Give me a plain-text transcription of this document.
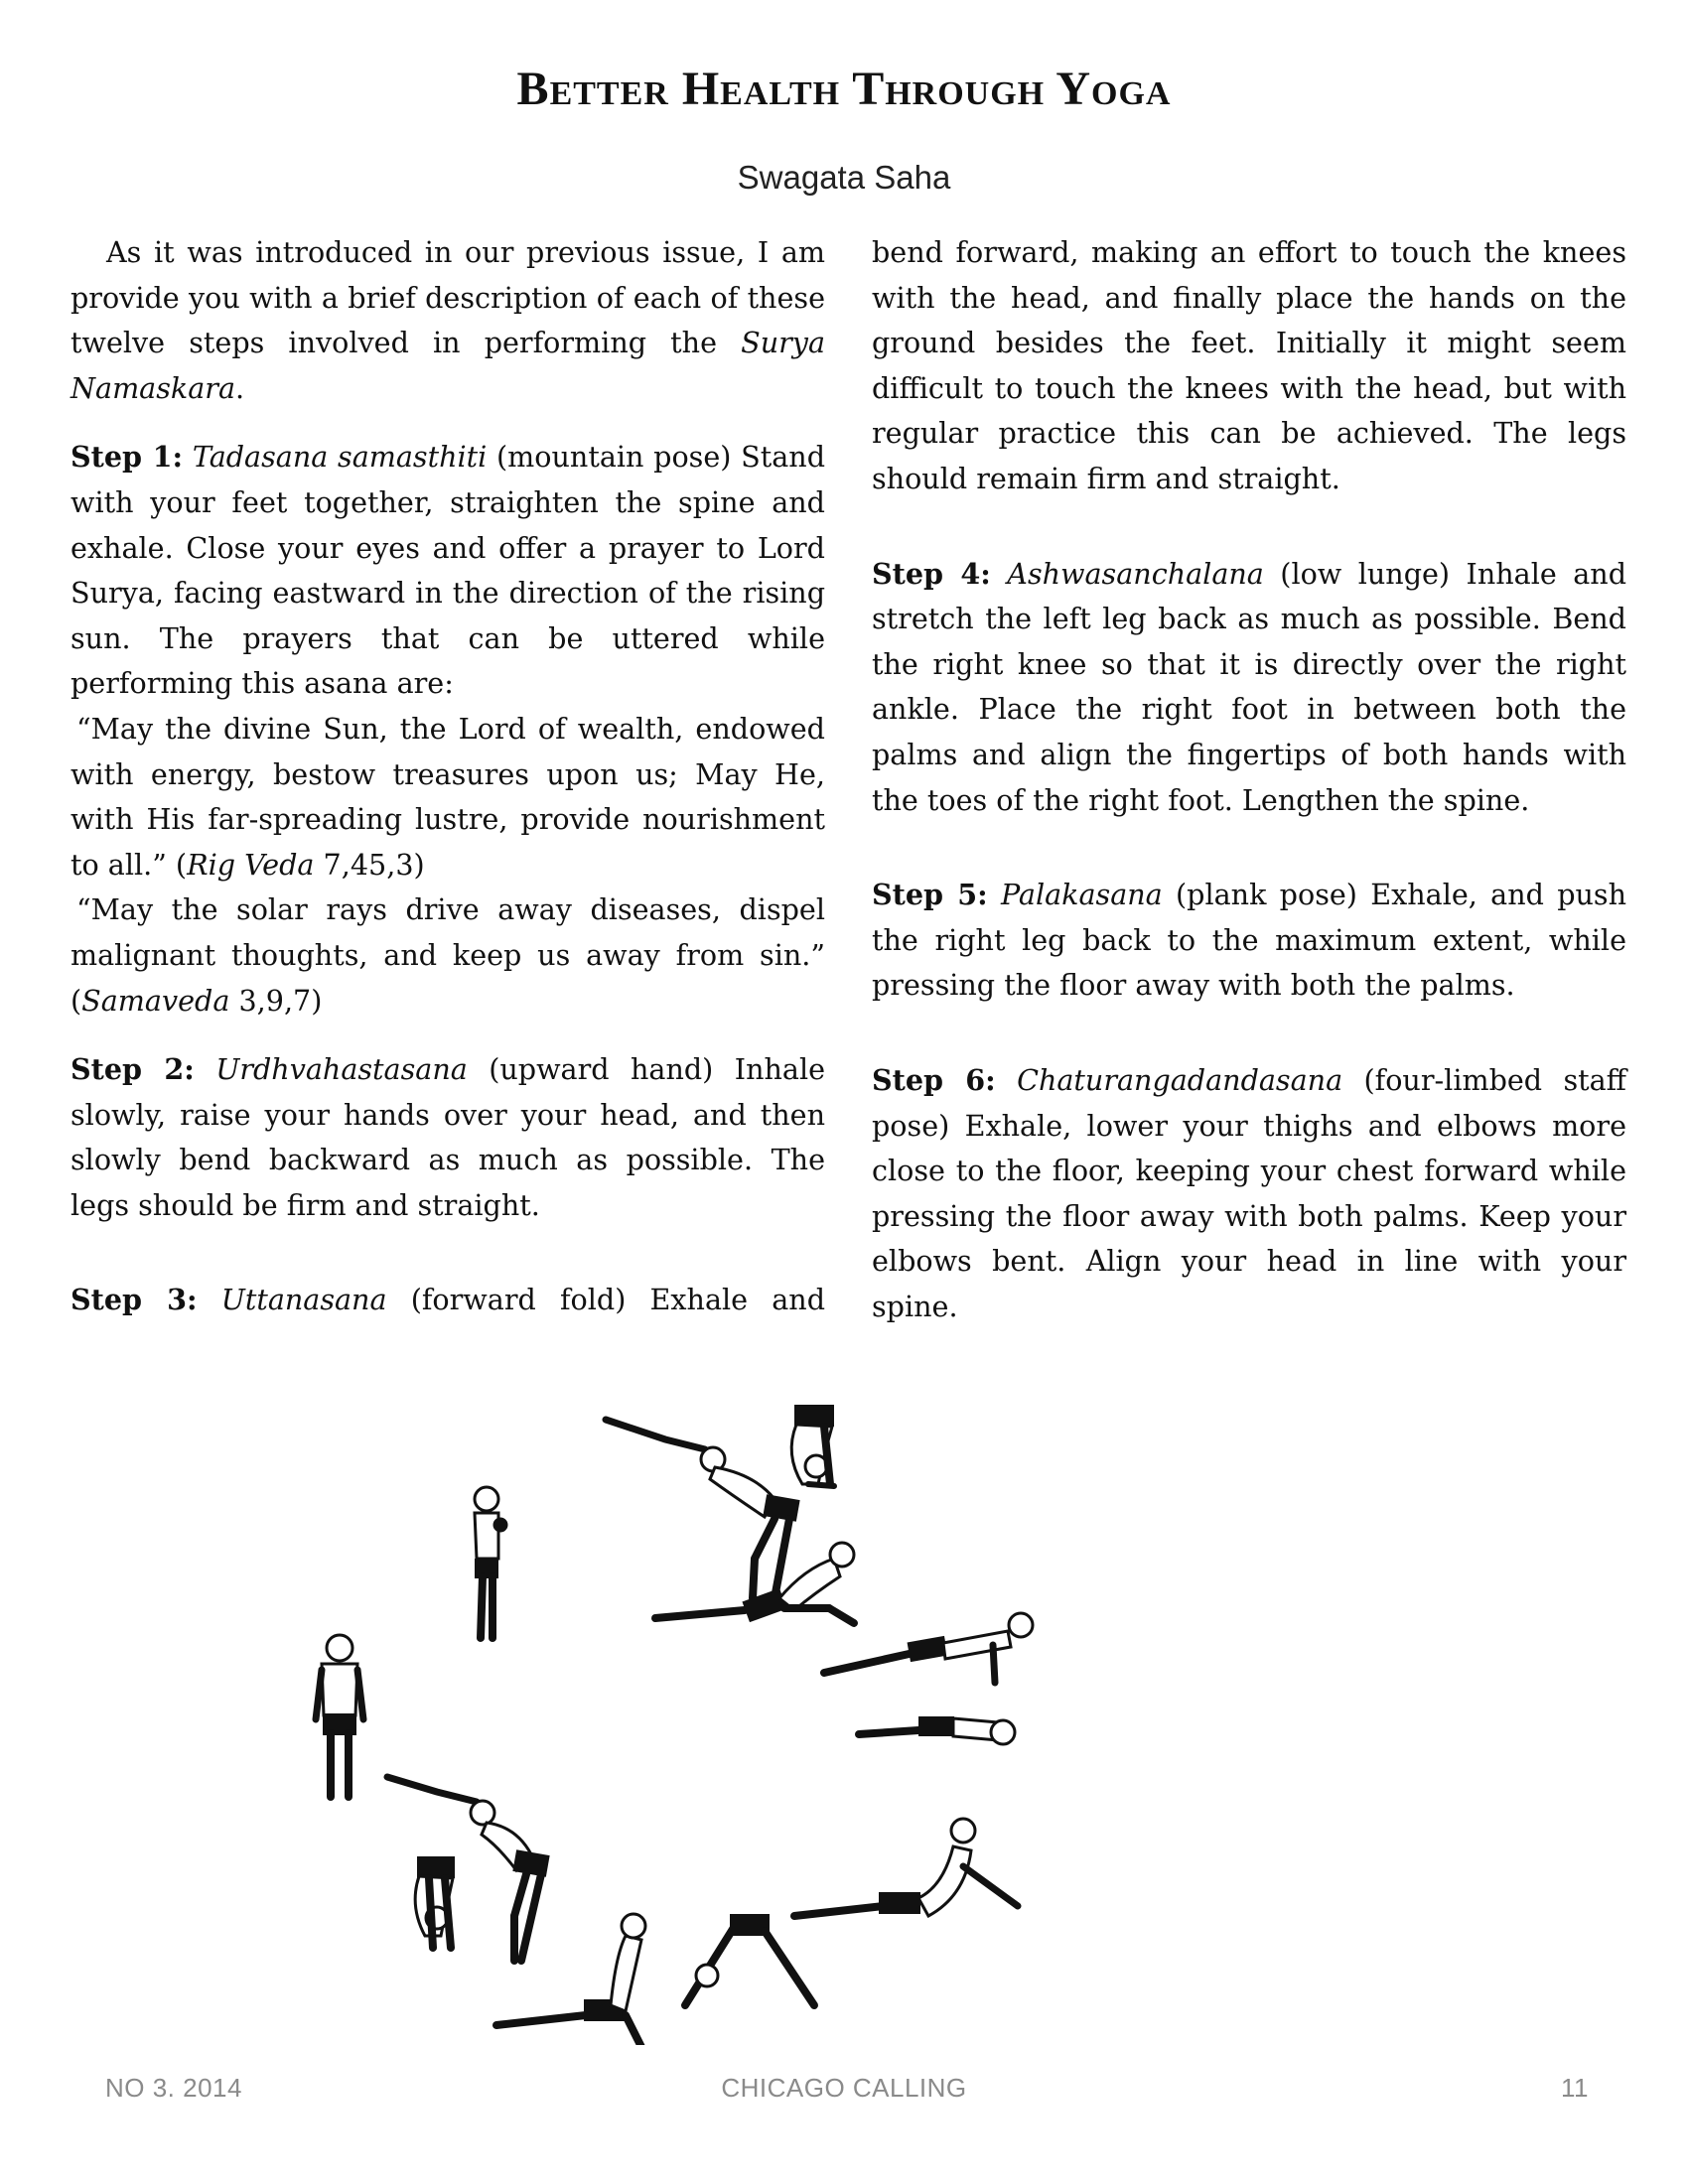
Better Health Through Yoga
Swagata Saha

As it was introduced in our previous issue, I am provide you with a brief description of each of these twelve steps involved in performing the Surya Namaskara.

Step 1: Tadasana samasthiti (mountain pose) Stand with your feet together, straighten the spine and exhale. Close your eyes and offer a prayer to Lord Surya, facing eastward in the direction of the rising sun. The prayers that can be uttered while performing this asana are:

“May the divine Sun, the Lord of wealth, endowed with energy, bestow treasures upon us; May He, with His far-spreading lustre, provide nourishment to all.” (Rig Veda 7,45,3)

“May the solar rays drive away diseases, dispel malignant thoughts, and keep us away from sin.” (Samaveda 3,9,7)

Step 2: Urdhvahastasana (upward hand) Inhale slowly, raise your hands over your head, and then slowly bend backward as much as possible. The legs should be firm and straight.

Step 3: Uttanasana (forward fold) Exhale and

bend forward, making an effort to touch the knees with the head, and finally place the hands on the ground besides the feet. Initially it might seem difficult to touch the knees with the head, but with regular practice this can be achieved. The legs should remain firm and straight.

Step 4: Ashwasanchalana (low lunge) Inhale and stretch the left leg back as much as possible. Bend the right knee so that it is directly over the right ankle. Place the right foot in between both the palms and align the fingertips of both hands with the toes of the right foot. Lengthen the spine.

Step 5: Palakasana (plank pose) Exhale, and push the right leg back to the maximum extent, while pressing the floor away with both the palms.

Step 6: Chaturangadandasana (four-limbed staff pose) Exhale, lower your thighs and elbows more close to the floor, keeping your chest forward while pressing the floor away with both palms. Keep your elbows bent. Align your head in line with your spine.

NO 3. 2014	CHICAGO CALLING	11
